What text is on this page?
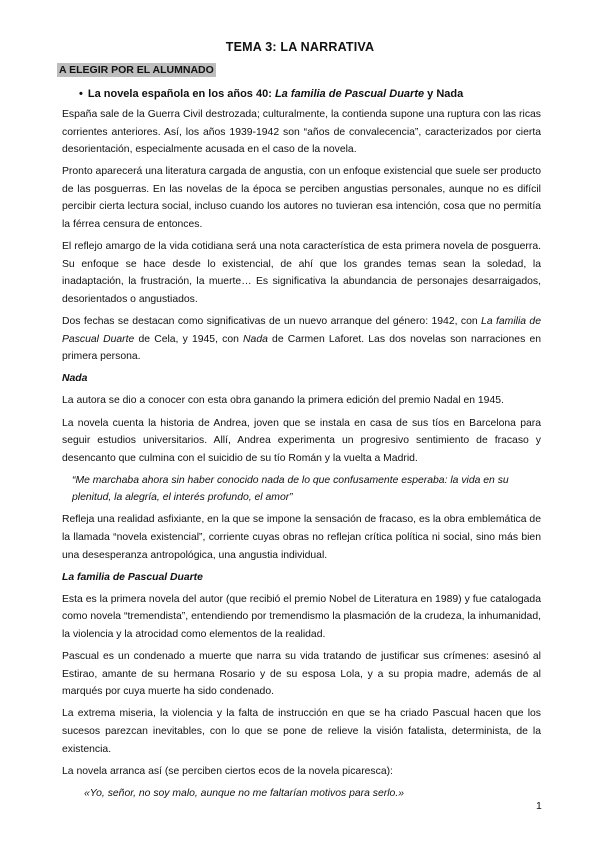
TEMA 3: LA NARRATIVA
A ELEGIR POR EL ALUMNADO
• La novela española en los años 40: La familia de Pascual Duarte y Nada

España sale de la Guerra Civil destrozada; culturalmente, la contienda supone una ruptura con las ricas corrientes anteriores. Así, los años 1939-1942 son “años de convalecencia”, caracterizados por cierta desorientación, especialmente acusada en el caso de la novela.

Pronto aparecerá una literatura cargada de angustia, con un enfoque existencial que suele ser producto de las posguerras. En las novelas de la época se perciben angustias personales, aunque no es difícil percibir cierta lectura social, incluso cuando los autores no tuvieran esa intención, cosa que no permitía la férrea censura de entonces.

El reflejo amargo de la vida cotidiana será una nota característica de esta primera novela de posguerra. Su enfoque se hace desde lo existencial, de ahí que los grandes temas sean la soledad, la inadaptación, la frustración, la muerte… Es significativa la abundancia de personajes desarraigados, desorientados o angustiados.

Dos fechas se destacan como significativas de un nuevo arranque del género: 1942, con La familia de Pascual Duarte de Cela, y 1945, con Nada de Carmen Laforet. Las dos novelas son narraciones en primera persona.

Nada

La autora se dio a conocer con esta obra ganando la primera edición del premio Nadal en 1945.

La novela cuenta la historia de Andrea, joven que se instala en casa de sus tíos en Barcelona para seguir estudios universitarios. Allí, Andrea experimenta un progresivo sentimiento de fracaso y desencanto que culmina con el suicidio de su tío Román y la vuelta a Madrid.

“Me marchaba ahora sin haber conocido nada de lo que confusamente esperaba: la vida en su plenitud, la alegría, el interés profundo, el amor”

Refleja una realidad asfixiante, en la que se impone la sensación de fracaso, es la obra emblemática de la llamada “novela existencial”, corriente cuyas obras no reflejan crítica política ni social, sino más bien una desesperanza antropológica, una angustia individual.

La familia de Pascual Duarte

Esta es la primera novela del autor (que recibió el premio Nobel de Literatura en 1989) y fue catalogada como novela “tremendista”, entendiendo por tremendismo la plasmación de la crudeza, la inhumanidad, la violencia y la atrocidad como elementos de la realidad.

Pascual es un condenado a muerte que narra su vida tratando de justificar sus crímenes: asesinó al Estirao, amante de su hermana Rosario y de su esposa Lola, y a su propia madre, además de al marqués por cuya muerte ha sido condenado.

La extrema miseria, la violencia y la falta de instrucción en que se ha criado Pascual hacen que los sucesos parezcan inevitables, con lo que se pone de relieve la visión fatalista, determinista, de la existencia.

La novela arranca así (se perciben ciertos ecos de la novela picaresca):

«Yo, señor, no soy malo, aunque no me faltarían motivos para serlo.»

1
